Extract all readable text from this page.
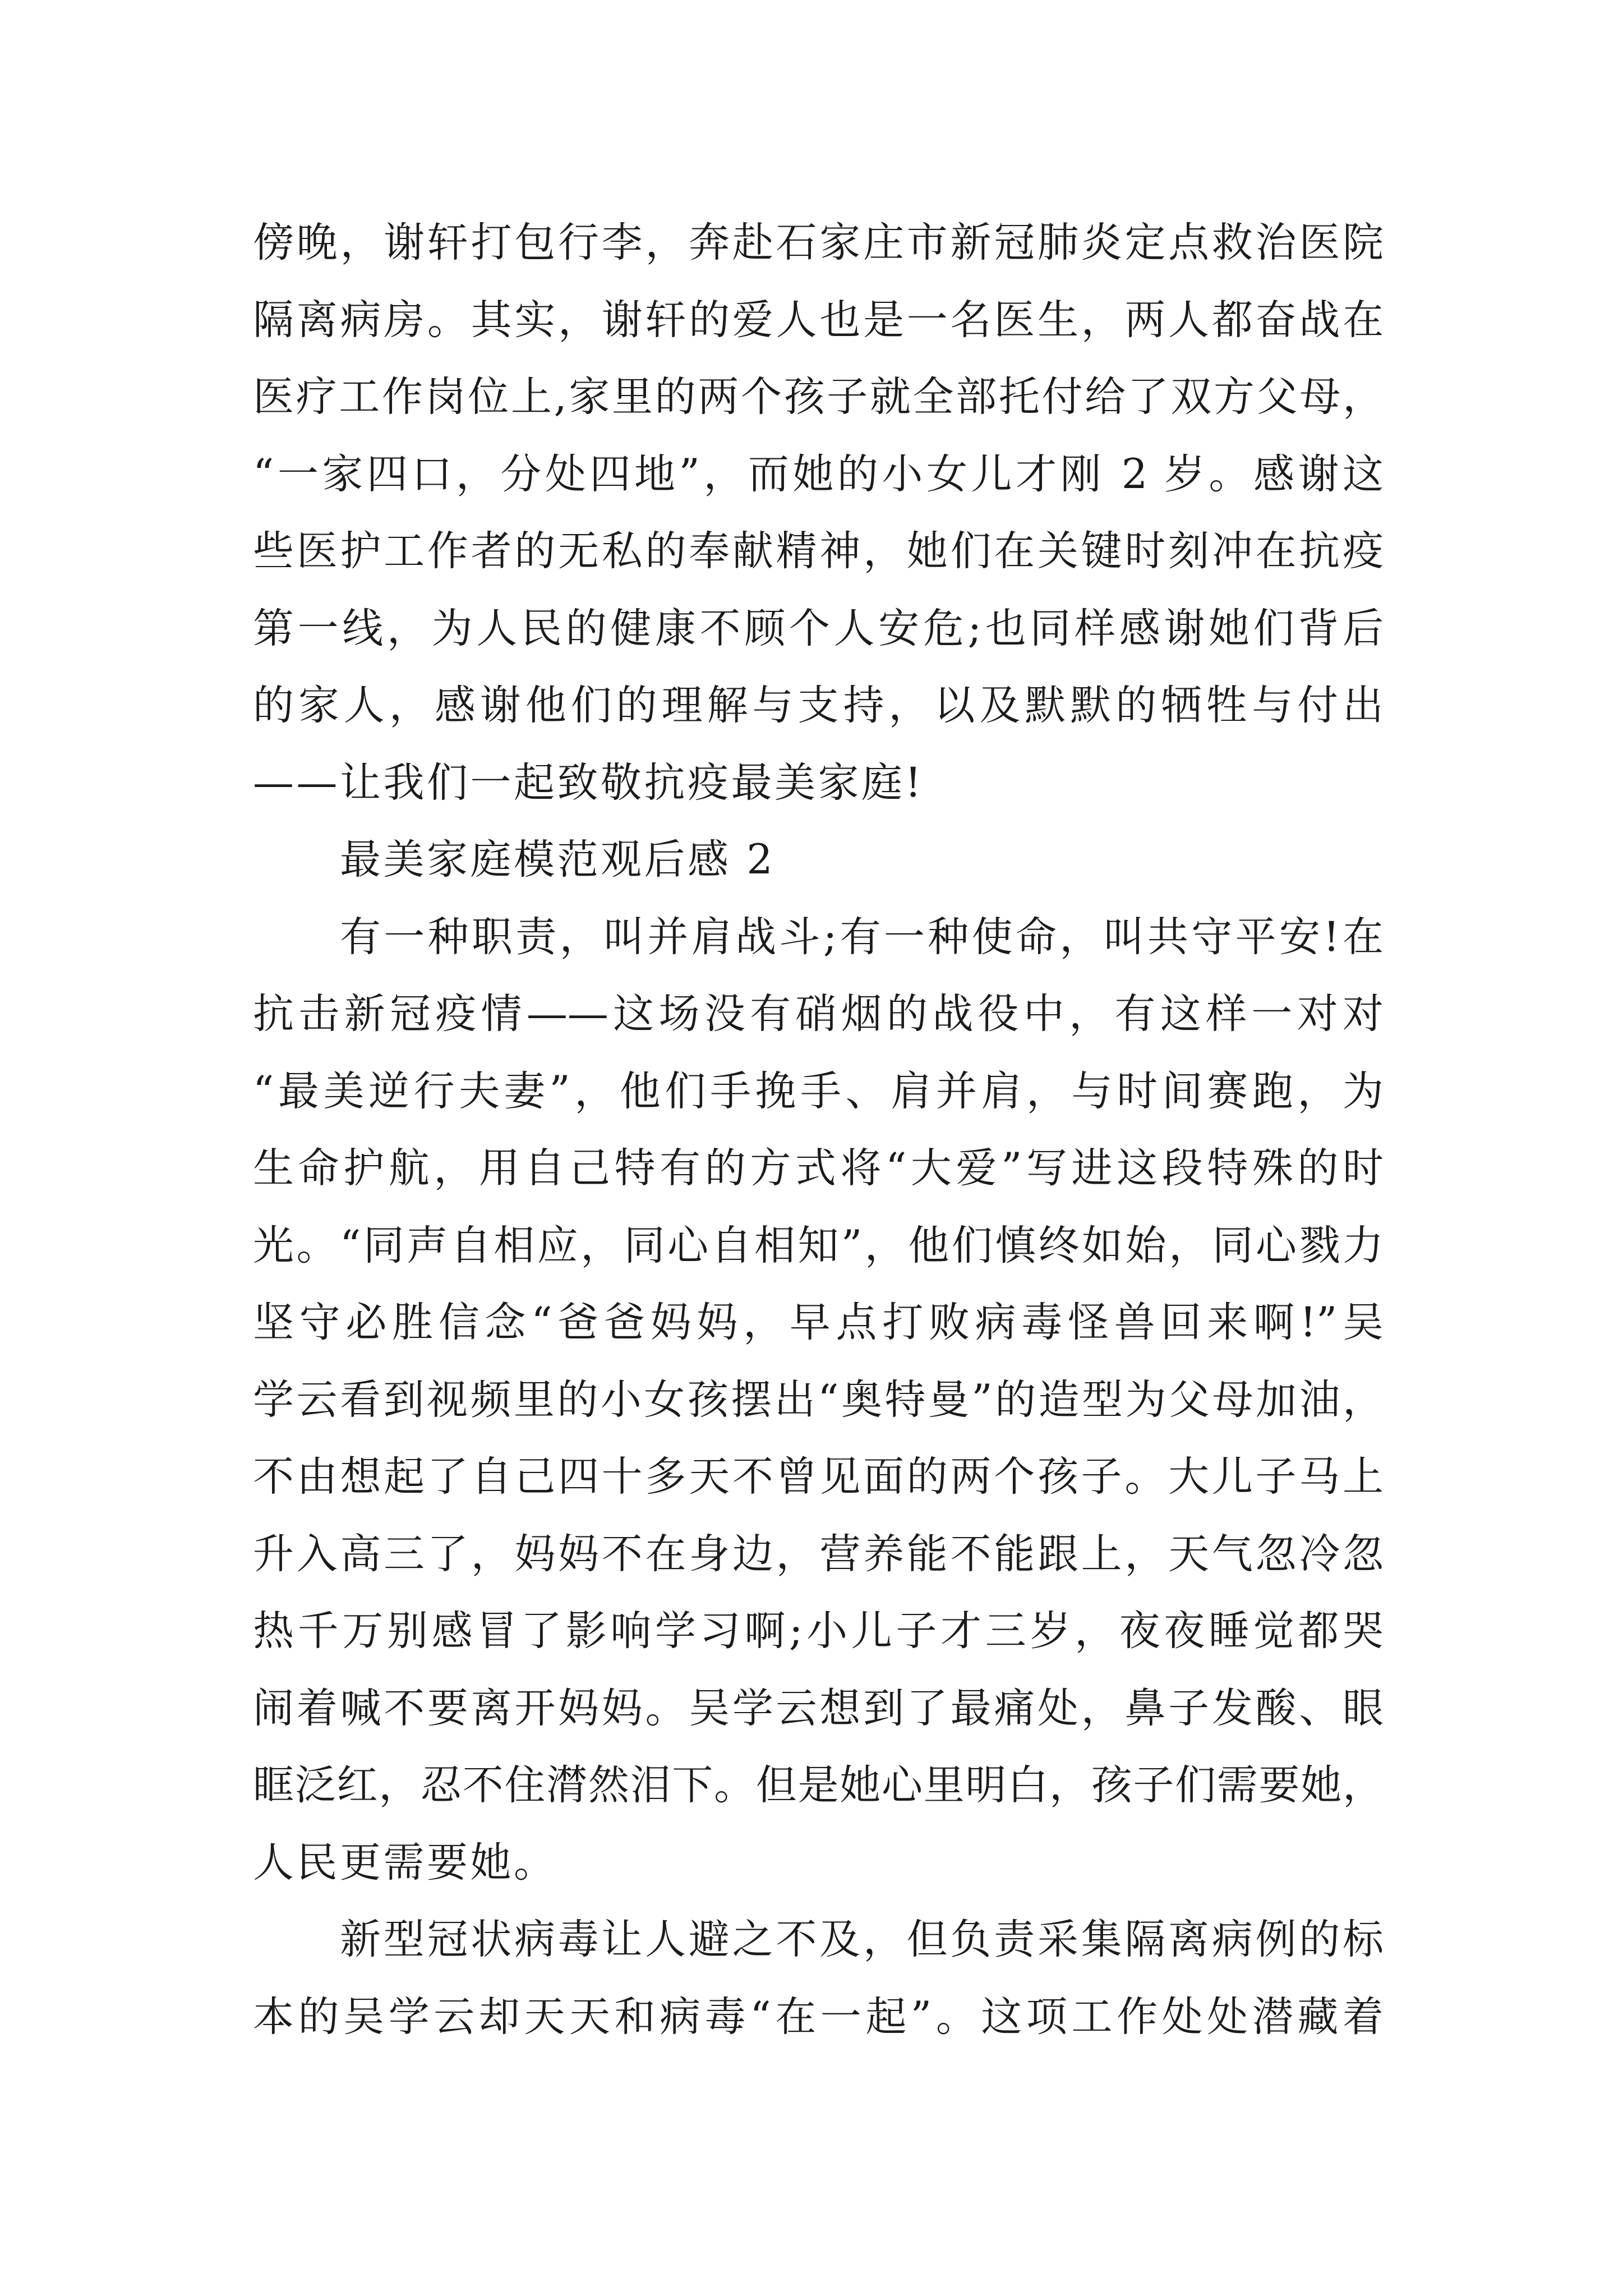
傍晚，谢轩打包行李，奔赴石家庄市新冠肺炎定点救治医院
隔离病房。其实，谢轩的爱人也是一名医生，两人都奋战在
医疗工作岗位上,家里的两个孩子就全部托付给了双方父母，
“一家四口，分处四地”，而她的小女儿才刚 2 岁。感谢这
些医护工作者的无私的奉献精神，她们在关键时刻冲在抗疫
第一线，为人民的健康不顾个人安危;也同样感谢她们背后
的家人，感谢他们的理解与支持，以及默默的牺牲与付出
——让我们一起致敬抗疫最美家庭!
最美家庭模范观后感 2
有一种职责，叫并肩战斗;有一种使命，叫共守平安!在
抗击新冠疫情——这场没有硝烟的战役中，有这样一对对
“最美逆行夫妻”，他们手挽手、肩并肩，与时间赛跑，为
生命护航，用自己特有的方式将“大爱”写进这段特殊的时
光。“同声自相应，同心自相知”，他们慎终如始，同心戮力
坚守必胜信念“爸爸妈妈，早点打败病毒怪兽回来啊!”吴
学云看到视频里的小女孩摆出“奥特曼”的造型为父母加油，
不由想起了自己四十多天不曾见面的两个孩子。大儿子马上
升入高三了，妈妈不在身边，营养能不能跟上，天气忽冷忽
热千万别感冒了影响学习啊;小儿子才三岁，夜夜睡觉都哭
闹着喊不要离开妈妈。吴学云想到了最痛处，鼻子发酸、眼
眶泛红，忍不住潸然泪下。但是她心里明白，孩子们需要她，
人民更需要她。
新型冠状病毒让人避之不及，但负责采集隔离病例的标
本的吴学云却天天和病毒“在一起”。这项工作处处潜藏着
